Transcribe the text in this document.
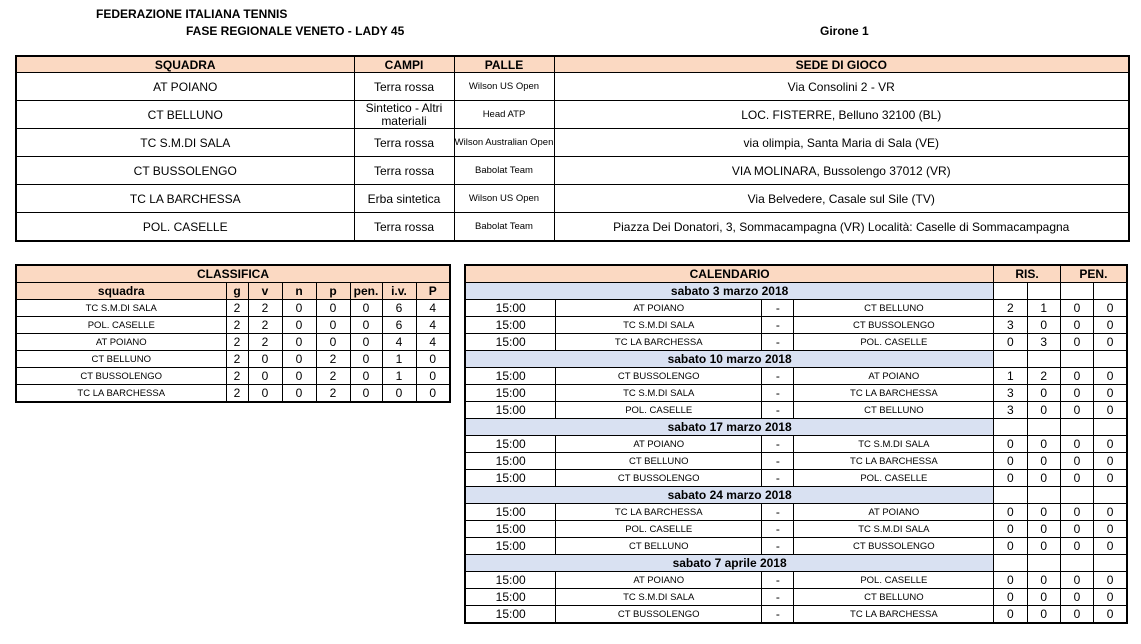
FEDERAZIONE ITALIANA TENNIS
FASE REGIONALE VENETO - LADY 45	Girone 1
SQUADRA	CAMPI	PALLE	SEDE DI GIOCO
AT POIANO	Terra rossa	Wilson US Open	Via Consolini 2 - VR
CT BELLUNO	Sintetico - Altri materiali	Head ATP	LOC. FISTERRE, Belluno 32100 (BL)
TC S.M.DI SALA	Terra rossa	Wilson Australian Open	via olimpia, Santa Maria di Sala (VE)
CT BUSSOLENGO	Terra rossa	Babolat Team	VIA MOLINARA, Bussolengo 37012 (VR)
TC LA BARCHESSA	Erba sintetica	Wilson US Open	Via Belvedere, Casale sul Sile (TV)
POL. CASELLE	Terra rossa	Babolat Team	Piazza Dei Donatori, 3, Sommacampagna (VR) Località: Caselle di Sommacampagna
CLASSIFICA							
squadra	g	v	n	p	pen.	i.v.	P
TC S.M.DI SALA	2	2	0	0	0	6	4
POL. CASELLE	2	2	0	0	0	6	4
AT POIANO	2	2	0	0	0	4	4
CT BELLUNO	2	0	0	2	0	1	0
CT BUSSOLENGO	2	0	0	2	0	1	0
TC LA BARCHESSA	2	0	0	2	0	0	0
CALENDARIO				RIS.		PEN.	
sabato 3 marzo 2018							
15:00	AT POIANO	-	CT BELLUNO	2	1	0	0
15:00	TC S.M.DI SALA	-	CT BUSSOLENGO	3	0	0	0
15:00	TC LA BARCHESSA	-	POL. CASELLE	0	3	0	0
sabato 10 marzo 2018							
15:00	CT BUSSOLENGO	-	AT POIANO	1	2	0	0
15:00	TC S.M.DI SALA	-	TC LA BARCHESSA	3	0	0	0
15:00	POL. CASELLE	-	CT BELLUNO	3	0	0	0
sabato 17 marzo 2018							
15:00	AT POIANO	-	TC S.M.DI SALA	0	0	0	0
15:00	CT BELLUNO	-	TC LA BARCHESSA	0	0	0	0
15:00	CT BUSSOLENGO	-	POL. CASELLE	0	0	0	0
sabato 24 marzo 2018							
15:00	TC LA BARCHESSA	-	AT POIANO	0	0	0	0
15:00	POL. CASELLE	-	TC S.M.DI SALA	0	0	0	0
15:00	CT BELLUNO	-	CT BUSSOLENGO	0	0	0	0
sabato 7 aprile 2018							
15:00	AT POIANO	-	POL. CASELLE	0	0	0	0
15:00	TC S.M.DI SALA	-	CT BELLUNO	0	0	0	0
15:00	CT BUSSOLENGO	-	TC LA BARCHESSA	0	0	0	0
